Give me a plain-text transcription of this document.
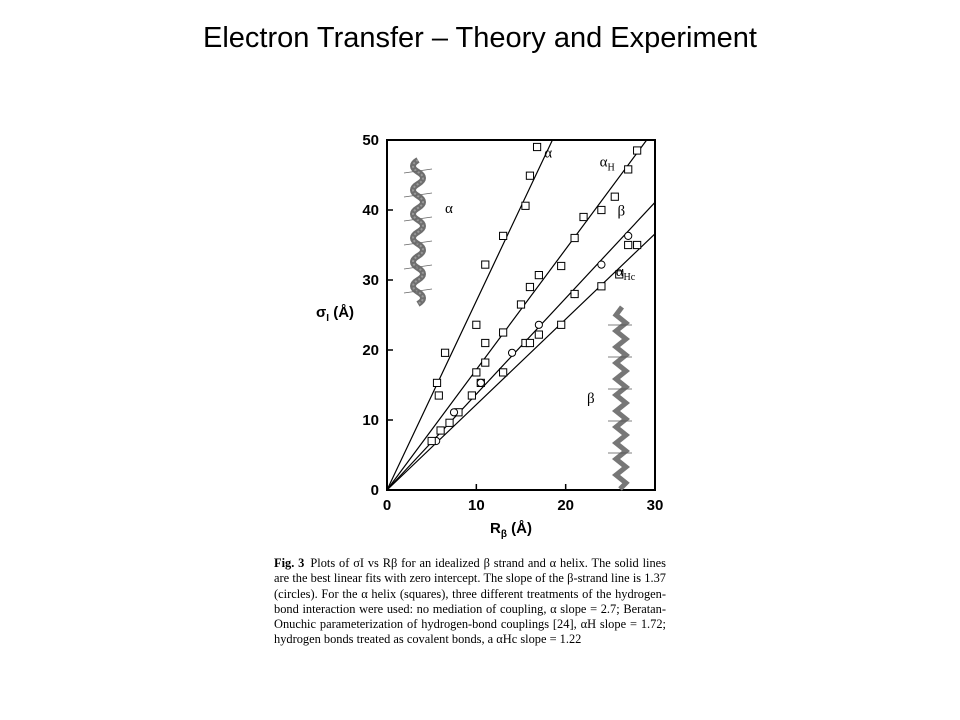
Electron Transfer – Theory and Experiment
α
β
0	10	20	30
0
10
20
30
40
50
α
$\alpha_H$
β
$\alpha_{Hc}$
$\sigma_I$ (Å)
$R_\beta$ (Å)
Fig. 3 Plots of σI vs Rβ for an idealized β strand and α helix. The solid lines are the best linear fits with zero intercept. The slope of the β-strand line is 1.37 (circles). For the α helix (squares), three different treatments of the hydrogen-bond interaction were used: no mediation of coupling, α slope = 2.7; Beratan-Onuchic parameterization of hydrogen-bond couplings [24], αH slope = 1.72; hydrogen bonds treated as covalent bonds, a αHc slope = 1.22
